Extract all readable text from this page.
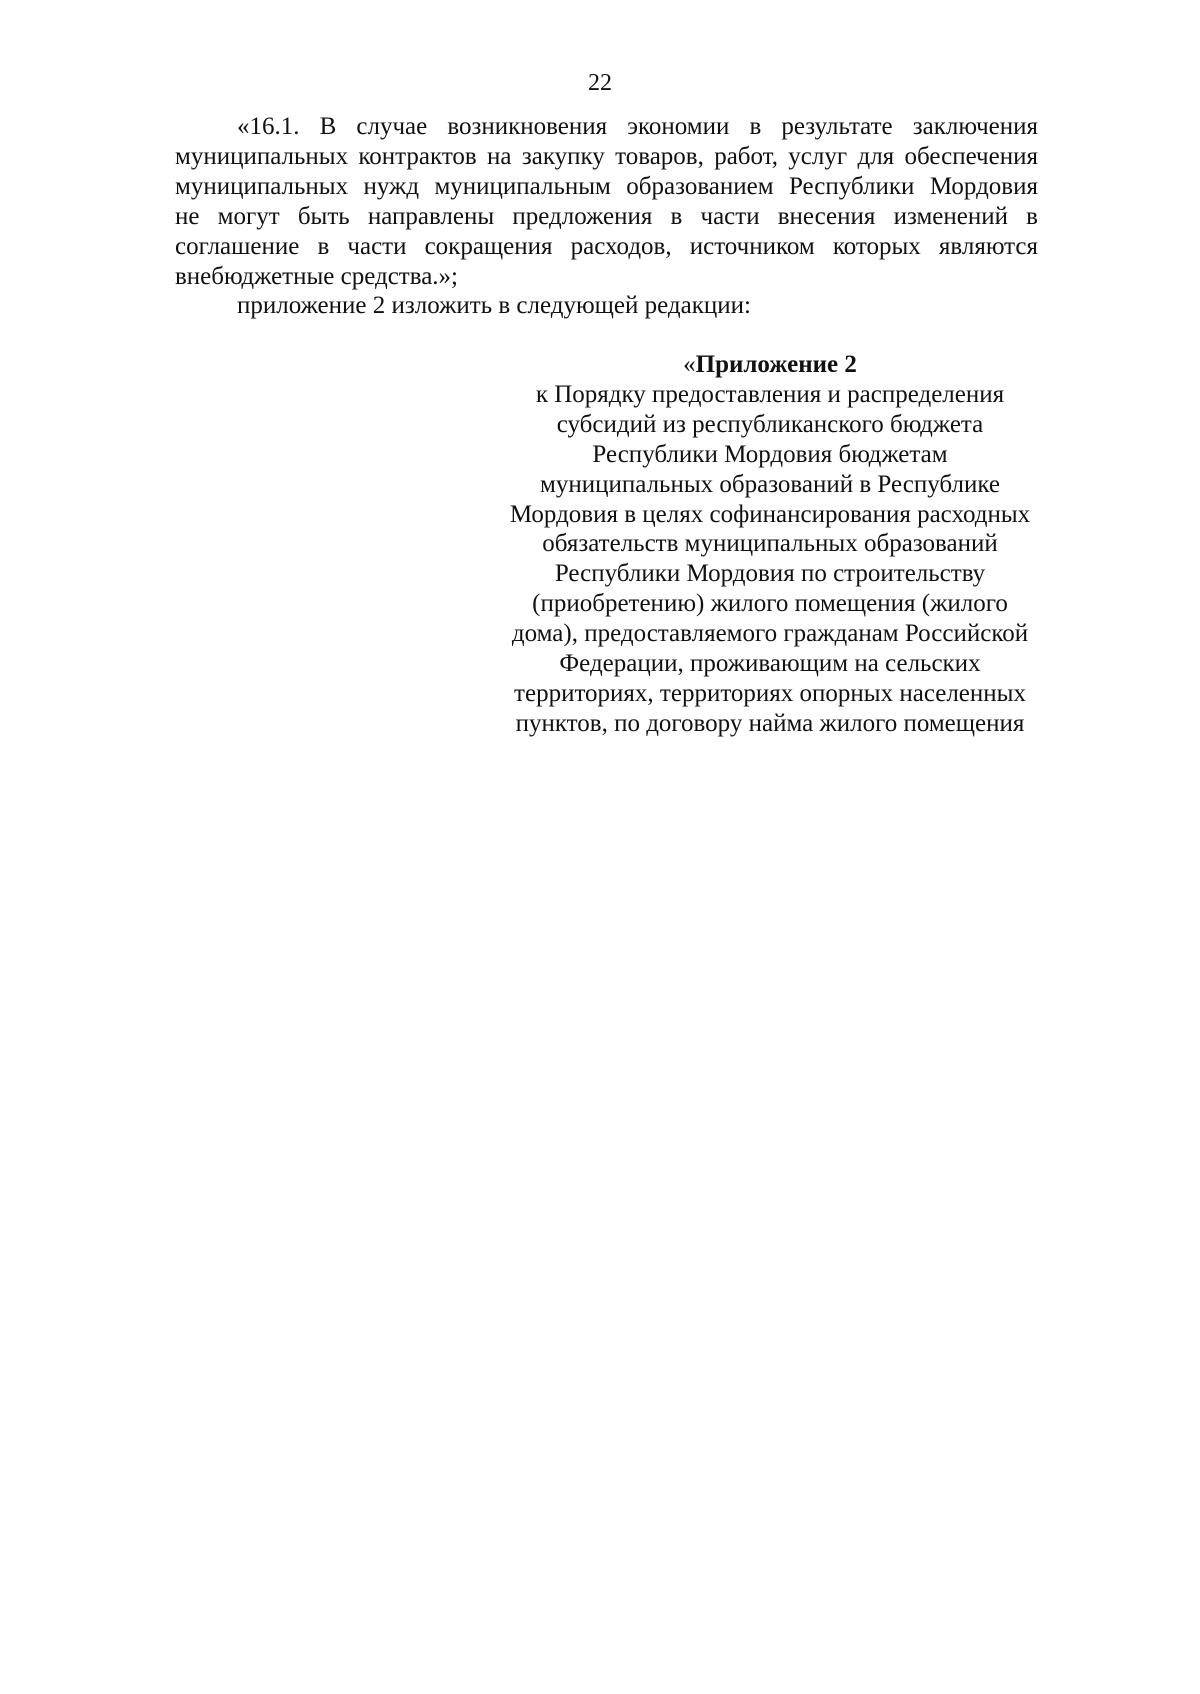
22
«16.1. В случае возникновения экономии в результате заключения
муниципальных контрактов на закупку товаров, работ, услуг для обеспечения
муниципальных нужд муниципальным образованием Республики Мордовия
не могут быть направлены предложения в части внесения изменений в
соглашение в части сокращения расходов, источником которых являются
внебюджетные средства.»;
приложение 2 изложить в следующей редакции:
«Приложение 2
к Порядку предоставления и распределения
субсидий из республиканского бюджета
Республики Мордовия бюджетам
муниципальных образований в Республике
Мордовия в целях софинансирования расходных
обязательств муниципальных образований
Республики Мордовия по строительству
(приобретению) жилого помещения (жилого
дома), предоставляемого гражданам Российской
Федерации, проживающим на сельских
территориях, территориях опорных населенных
пунктов, по договору найма жилого помещения
